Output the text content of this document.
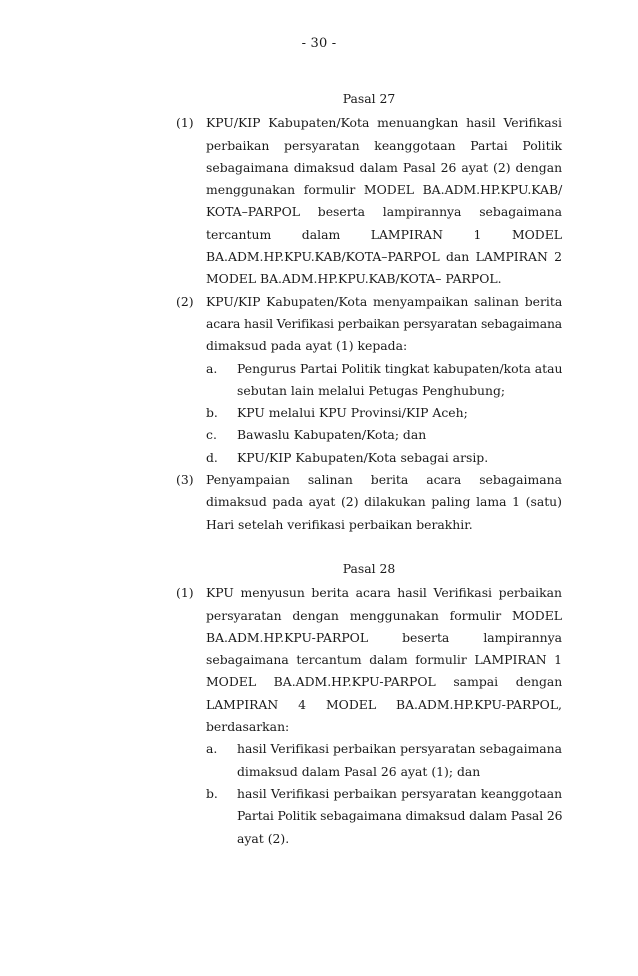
- 30 -
Pasal 27
(1)	KPU/KIP Kabupaten/Kota menuangkan hasil Verifikasi
perbaikan persyaratan keanggotaan Partai Politik
sebagaimana dimaksud dalam Pasal 26 ayat (2) dengan
menggunakan formulir MODEL BA.ADM.HP.KPU.KAB/
KOTA–PARPOL beserta lampirannya sebagaimana
tercantum dalam LAMPIRAN 1 MODEL
BA.ADM.HP.KPU.KAB/KOTA–PARPOL dan LAMPIRAN 2
MODEL BA.ADM.HP.KPU.KAB/KOTA– PARPOL.
(2)	KPU/KIP Kabupaten/Kota menyampaikan salinan berita
acara hasil Verifikasi perbaikan persyaratan sebagaimana
dimaksud pada ayat (1) kepada:
a.	Pengurus Partai Politik tingkat kabupaten/kota atau
sebutan lain melalui Petugas Penghubung;
b.	KPU melalui KPU Provinsi/KIP Aceh;
c.	Bawaslu Kabupaten/Kota; dan
d.	KPU/KIP Kabupaten/Kota sebagai arsip.
(3)	Penyampaian salinan berita acara sebagaimana
dimaksud pada ayat (2) dilakukan paling lama 1 (satu)
Hari setelah verifikasi perbaikan berakhir.
Pasal 28
(1)	KPU menyusun berita acara hasil Verifikasi perbaikan
persyaratan dengan menggunakan formulir MODEL
BA.ADM.HP.KPU-PARPOL beserta lampirannya
sebagaimana tercantum dalam formulir LAMPIRAN 1
MODEL BA.ADM.HP.KPU-PARPOL sampai dengan
LAMPIRAN 4 MODEL BA.ADM.HP.KPU-PARPOL,
berdasarkan:
a.	hasil Verifikasi perbaikan persyaratan sebagaimana
dimaksud dalam Pasal 26 ayat (1); dan
b.	hasil Verifikasi perbaikan persyaratan keanggotaan
Partai Politik sebagaimana dimaksud dalam Pasal 26
ayat (2).
